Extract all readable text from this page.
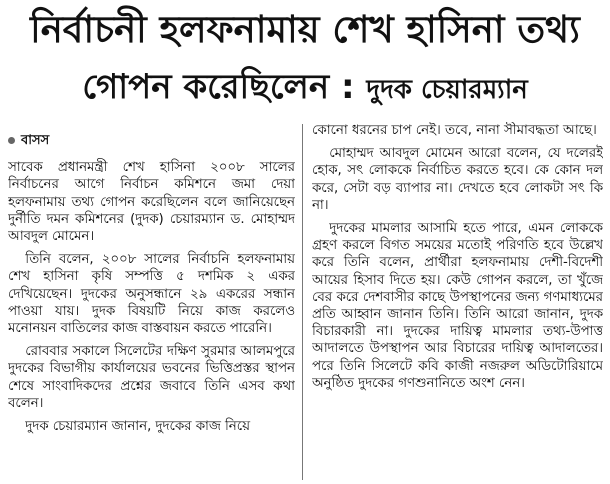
নির্বাচনী হলফনামায় শেখ হাসিনা তথ্য
গোপন করেছিলেন : দুদক চেয়ারম্যান
বাসস

সাবেক প্রধানমন্ত্রী শেখ হাসিনা ২০০৮ সালের নির্বাচনের আগে নির্বাচন কমিশনে জমা দেয়া হলফনামায় তথ্য গোপন করেছিলেন বলে জানিয়েছেন দুর্নীতি দমন কমিশনের (দুদক) চেয়ারম্যান ড. মোহাম্মদ আবদুল মোমেন।

তিনি বলেন, ২০০৮ সালের নির্বাচনি হলফনামায় শেখ হাসিনা কৃষি সম্পত্তি ৫ দশমিক ২ একর দেখিয়েছেন। দুদকের অনুসন্ধানে ২৯ একরের সন্ধান পাওয়া যায়। দুদক বিষয়টি নিয়ে কাজ করলেও মনোনয়ন বাতিলের কাজ বাস্তবায়ন করতে পারেনি।

রোববার সকালে সিলেটের দক্ষিণ সুরমার আলমপুরে দুদকের বিভাগীয় কার্যালয়ের ভবনের ভিত্তিপ্রস্তর স্থাপন শেষে সাংবাদিকদের প্রশ্নের জবাবে তিনি এসব কথা বলেন।

দুদক চেয়ারম্যান জানান, দুদকের কাজ নিয়ে

কোনো ধরনের চাপ নেই। তবে, নানা সীমাবদ্ধতা আছে।

মোহাম্মদ আবদুল মোমেন আরো বলেন, যে দলেরই হোক, সৎ লোককে নির্বাচিত করতে হবে। কে কোন দল করে, সেটা বড় ব্যাপার না। দেখতে হবে লোকটা সৎ কি না।

দুদকের মামলার আসামি হতে পারে, এমন লোককে গ্রহণ করলে বিগত সময়ের মতোই পরিণতি হবে উল্লেখ করে তিনি বলেন, প্রার্থীরা হলফনামায় দেশী-বিদেশী আয়ের হিসাব দিতে হয়। কেউ গোপন করলে, তা খুঁজে বের করে দেশবাসীর কাছে উপস্থাপনের জন্য গণমাধ্যমের প্রতি আহ্বান জানান তিনি। তিনি আরো জানান, দুদক বিচারকারী না। দুদকের দায়িত্ব মামলার তথ্য-উপাত্ত আদালতে উপস্থাপন আর বিচারের দায়িত্ব আদালতের। পরে তিনি সিলেটে কবি কাজী নজরুল অডিটোরিয়ামে অনুষ্ঠিত দুদকের গণশুনানিতে অংশ নেন।
